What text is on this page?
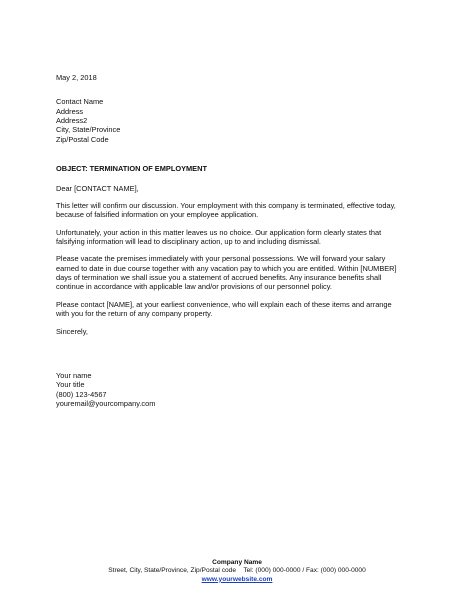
May 2, 2018
Contact Name
Address
Address2
City, State/Province
Zip/Postal Code
OBJECT: TERMINATION OF EMPLOYMENT
Dear [CONTACT NAME],
This letter will confirm our discussion. Your employment with this company is terminated, effective today,
because of falsified information on your employee application.
Unfortunately, your action in this matter leaves us no choice. Our application form clearly states that
falsifying information will lead to disciplinary action, up to and including dismissal.
Please vacate the premises immediately with your personal possessions. We will forward your salary
earned to date in due course together with any vacation pay to which you are entitled. Within [NUMBER]
days of termination we shall issue you a statement of accrued benefits. Any insurance benefits shall
continue in accordance with applicable law and/or provisions of our personnel policy.
Please contact [NAME], at your earliest convenience, who will explain each of these items and arrange
with you for the return of any company property.
Sincerely,
Your name
Your title
(800) 123-4567
youremail@yourcompany.com
Company Name
Street, City, State/Province, Zip/Postal code Tel: (000) 000-0000 / Fax: (000) 000-0000
www.yourwebsite.com
